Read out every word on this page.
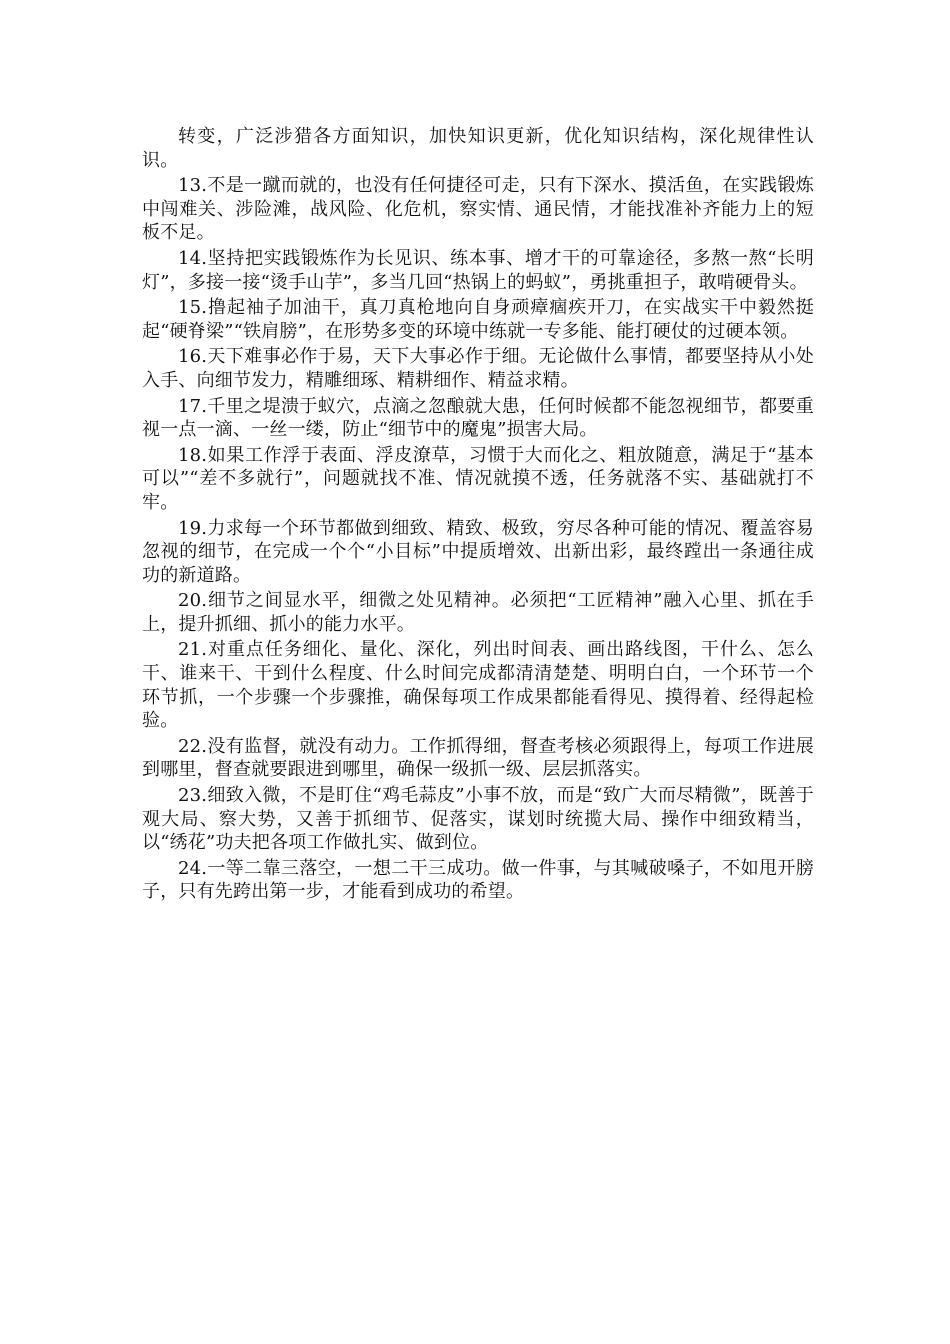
转变，广泛涉猎各方面知识，加快知识更新，优化知识结构，深化规律性认识。

13.不是一蹴而就的，也没有任何捷径可走，只有下深水、摸活鱼，在实践锻炼中闯难关、涉险滩，战风险、化危机，察实情、通民情，才能找准补齐能力上的短板不足。

14.坚持把实践锻炼作为长见识、练本事、增才干的可靠途径，多熬一熬“长明灯”，多接一接“烫手山芋”，多当几回“热锅上的蚂蚁”，勇挑重担子，敢啃硬骨头。

15.撸起袖子加油干，真刀真枪地向自身顽瘴痼疾开刀，在实战实干中毅然挺起“硬脊梁”“铁肩膀”，在形势多变的环境中练就一专多能、能打硬仗的过硬本领。

16.天下难事必作于易，天下大事必作于细。无论做什么事情，都要坚持从小处入手、向细节发力，精雕细琢、精耕细作、精益求精。

17.千里之堤溃于蚁穴，点滴之忽酿就大患，任何时候都不能忽视细节，都要重视一点一滴、一丝一缕，防止“细节中的魔鬼”损害大局。

18.如果工作浮于表面、浮皮潦草，习惯于大而化之、粗放随意，满足于“基本可以”“差不多就行”，问题就找不准、情况就摸不透，任务就落不实、基础就打不牢。

19.力求每一个环节都做到细致、精致、极致，穷尽各种可能的情况、覆盖容易忽视的细节，在完成一个个“小目标”中提质增效、出新出彩，最终蹚出一条通往成功的新道路。

20.细节之间显水平，细微之处见精神。必须把“工匠精神”融入心里、抓在手上，提升抓细、抓小的能力水平。

21.对重点任务细化、量化、深化，列出时间表、画出路线图，干什么、怎么干、谁来干、干到什么程度、什么时间完成都清清楚楚、明明白白，一个环节一个环节抓，一个步骤一个步骤推，确保每项工作成果都能看得见、摸得着、经得起检验。

22.没有监督，就没有动力。工作抓得细，督查考核必须跟得上，每项工作进展到哪里，督查就要跟进到哪里，确保一级抓一级、层层抓落实。

23.细致入微，不是盯住“鸡毛蒜皮”小事不放，而是“致广大而尽精微”，既善于观大局、察大势，又善于抓细节、促落实，谋划时统揽大局、操作中细致精当，以“绣花”功夫把各项工作做扎实、做到位。

24.一等二靠三落空，一想二干三成功。做一件事，与其喊破嗓子，不如甩开膀子，只有先跨出第一步，才能看到成功的希望。
